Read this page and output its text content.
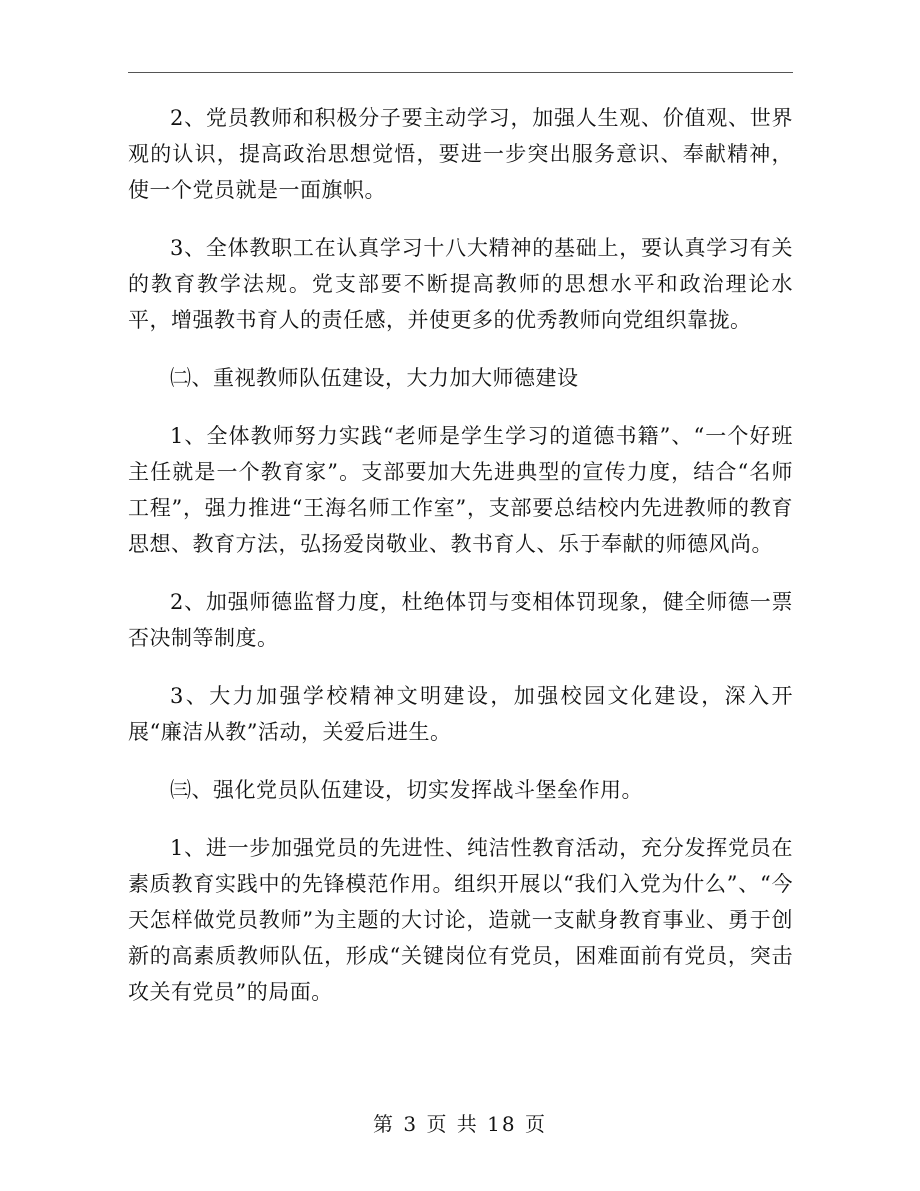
2、党员教师和积极分子要主动学习，加强人生观、价值观、世界观的认识，提高政治思想觉悟，要进一步突出服务意识、奉献精神，使一个党员就是一面旗帜。

3、全体教职工在认真学习十八大精神的基础上，要认真学习有关的教育教学法规。党支部要不断提高教师的思想水平和政治理论水平，增强教书育人的责任感，并使更多的优秀教师向党组织靠拢。

㈡、重视教师队伍建设，大力加大师德建设

1、全体教师努力实践“老师是学生学习的道德书籍”、“一个好班主任就是一个教育家”。支部要加大先进典型的宣传力度，结合“名师工程”，强力推进“王海名师工作室”，支部要总结校内先进教师的教育思想、教育方法，弘扬爱岗敬业、教书育人、乐于奉献的师德风尚。

2、加强师德监督力度，杜绝体罚与变相体罚现象，健全师德一票否决制等制度。

3、大力加强学校精神文明建设，加强校园文化建设，深入开展“廉洁从教”活动，关爱后进生。

㈢、强化党员队伍建设，切实发挥战斗堡垒作用。

1、进一步加强党员的先进性、纯洁性教育活动，充分发挥党员在素质教育实践中的先锋模范作用。组织开展以“我们入党为什么”、“今天怎样做党员教师”为主题的大讨论，造就一支献身教育事业、勇于创新的高素质教师队伍，形成“关键岗位有党员，困难面前有党员，突击攻关有党员”的局面。

第 3 页 共 18 页
